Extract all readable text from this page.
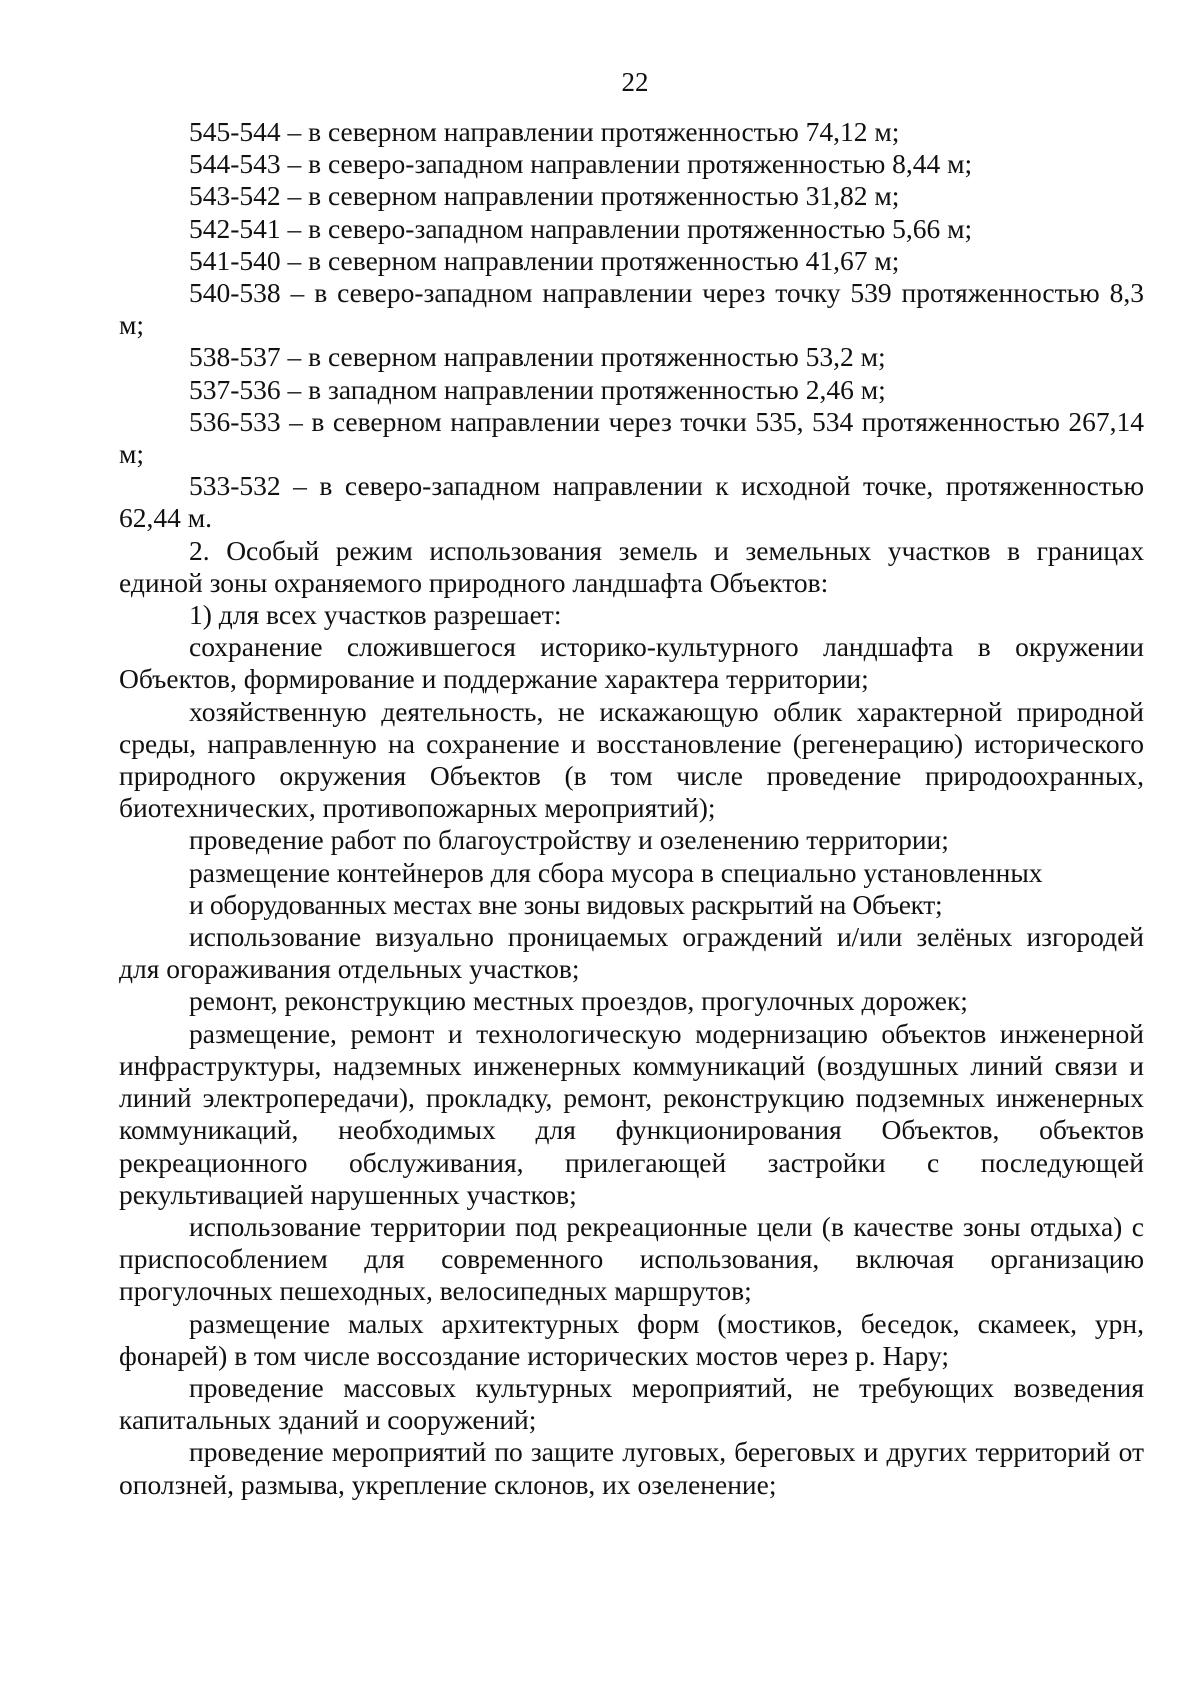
22

545-544 – в северном направлении протяженностью 74,12 м;

544-543 – в северо-западном направлении протяженностью 8,44 м;

543-542 – в северном направлении протяженностью 31,82 м;

542-541 – в северо-западном направлении протяженностью 5,66 м;

541-540 – в северном направлении протяженностью 41,67 м;

540-538 – в северо-западном направлении через точку 539 протяженностью 8,3 м;

538-537 – в северном направлении протяженностью 53,2 м;

537-536 – в западном направлении протяженностью 2,46 м;

536-533 – в северном направлении через точки 535, 534 протяженностью 267,14 м;

533-532 – в северо-западном направлении к исходной точке, протяженностью 62,44 м.

2. Особый режим использования земель и земельных участков в границах единой зоны охраняемого природного ландшафта Объектов:

1) для всех участков разрешает:

сохранение сложившегося историко-культурного ландшафта в окружении Объектов, формирование и поддержание характера территории;

хозяйственную деятельность, не искажающую облик характерной природной среды, направленную на сохранение и восстановление (регенерацию) исторического природного окружения Объектов (в том числе проведение природоохранных, биотехнических, противопожарных мероприятий);

проведение работ по благоустройству и озеленению территории;

размещение контейнеров для сбора мусора в специально установленных

и оборудованных местах вне зоны видовых раскрытий на Объект;

использование визуально проницаемых ограждений и/или зелёных изгородей для огораживания отдельных участков;

ремонт, реконструкцию местных проездов, прогулочных дорожек;

размещение, ремонт и технологическую модернизацию объектов инженерной инфраструктуры, надземных инженерных коммуникаций (воздушных линий связи и линий электропередачи), прокладку, ремонт, реконструкцию подземных инженерных коммуникаций, необходимых для функционирования Объектов, объектов рекреационного обслуживания, прилегающей застройки с последующей рекультивацией нарушенных участков;

использование территории под рекреационные цели (в качестве зоны отдыха) с приспособлением для современного использования, включая организацию прогулочных пешеходных, велосипедных маршрутов;

размещение малых архитектурных форм (мостиков, беседок, скамеек, урн, фонарей) в том числе воссоздание исторических мостов через р. Нару;

проведение массовых культурных мероприятий, не требующих возведения капитальных зданий и сооружений;

проведение мероприятий по защите луговых, береговых и других территорий от оползней, размыва, укрепление склонов, их озеленение;
